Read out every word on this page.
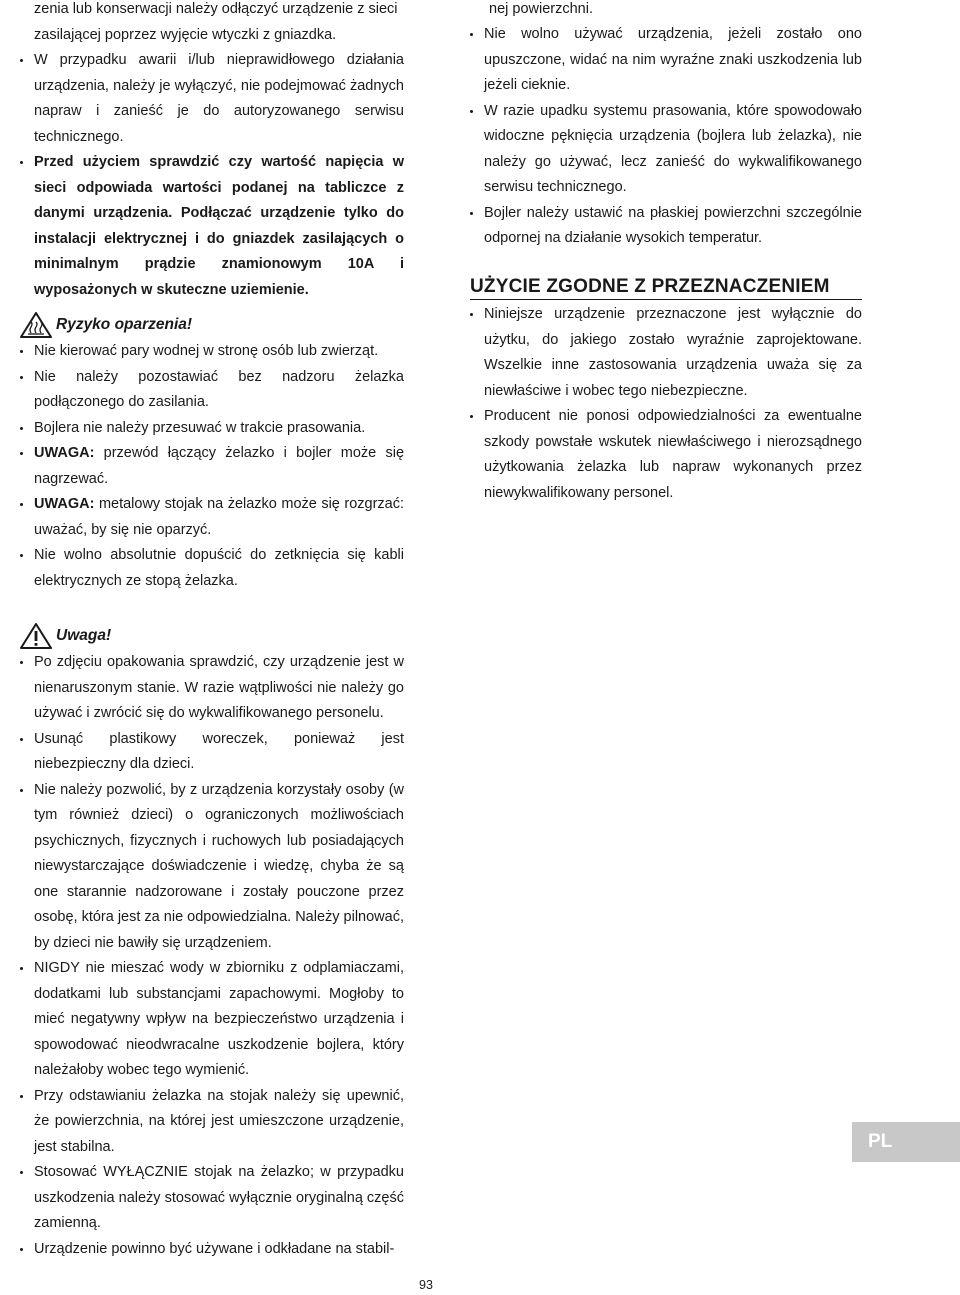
zenia lub konserwacji należy odłączyć urządzenie z sieci

zasilającej poprzez wyjęcie wtyczki z gniazdka.

W przypadku awarii i/lub nieprawidłowego działania urządzenia, należy je wyłączyć, nie podejmować żadnych napraw i zanieść je do autoryzowanego serwisu technicznego.
Przed użyciem sprawdzić czy wartość napięcia w sieci odpowiada wartości podanej na tabliczce z danymi urządzenia. Podłączać urządzenie tylko do instalacji elektrycznej i do gniazdek zasilających o minimalnym prądzie znamionowym 10A i wyposażonych w skuteczne uziemienie.
Ryzyko oparzenia!
Nie kierować pary wodnej w stronę osób lub zwierząt.
Nie należy pozostawiać bez nadzoru żelazka podłączonego do zasilania.
Bojlera nie należy przesuwać w trakcie prasowania.
UWAGA: przewód łączący żelazko i bojler może się nagrzewać.
UWAGA: metalowy stojak na żelazko może się rozgrzać: uważać, by się nie oparzyć.
Nie wolno absolutnie dopuścić do zetknięcia się kabli elektrycznych ze stopą żelazka.
Uwaga!
Po zdjęciu opakowania sprawdzić, czy urządzenie jest w nienaruszonym stanie. W razie wątpliwości nie należy go używać i zwrócić się do wykwalifikowanego personelu.
Usunąć plastikowy woreczek, ponieważ jest niebezpieczny dla dzieci.
Nie należy pozwolić, by z urządzenia korzystały osoby (w tym również dzieci) o ograniczonych możliwościach psychicznych, fizycznych i ruchowych lub posiadających niewystarczające doświadczenie i wiedzę, chyba że są one starannie nadzorowane i zostały pouczone przez osobę, która jest za nie odpowiedzialna. Należy pilnować, by dzieci nie bawiły się urządzeniem.
NIGDY nie mieszać wody w zbiorniku z odplamiaczami, dodatkami lub substancjami zapachowymi. Mogłoby to mieć negatywny wpływ na bezpieczeństwo urządzenia i spowodować nieodwracalne uszkodzenie bojlera, który należałoby wobec tego wymienić.
Przy odstawianiu żelazka na stojak należy się upewnić, że powierzchnia, na której jest umieszczone urządzenie, jest stabilna.
Stosować WYŁĄCZNIE stojak na żelazko; w przypadku uszkodzenia należy stosować wyłącznie oryginalną część zamienną.
Urządzenie powinno być używane i odkładane na stabil-

nej powierzchni.

Nie wolno używać urządzenia, jeżeli zostało ono upuszczone, widać na nim wyraźne znaki uszkodzenia lub jeżeli cieknie.
W razie upadku systemu prasowania, które spowodowało widoczne pęknięcia urządzenia (bojlera lub żelazka), nie należy go używać, lecz zanieść do wykwalifikowanego serwisu technicznego.
Bojler należy ustawić na płaskiej powierzchni szczególnie odpornej na działanie wysokich temperatur.
UŻYCIE ZGODNE Z PRZEZNACZENIEM
Niniejsze urządzenie przeznaczone jest wyłącznie do użytku, do jakiego zostało wyraźnie zaprojektowane. Wszelkie inne zastosowania urządzenia uważa się za niewłaściwe i wobec tego niebezpieczne.
Producent nie ponosi odpowiedzialności za ewentualne szkody powstałe wskutek niewłaściwego i nierozsądnego użytkowania żelazka lub napraw wykonanych przez niewykwalifikowany personel.
PL
93
